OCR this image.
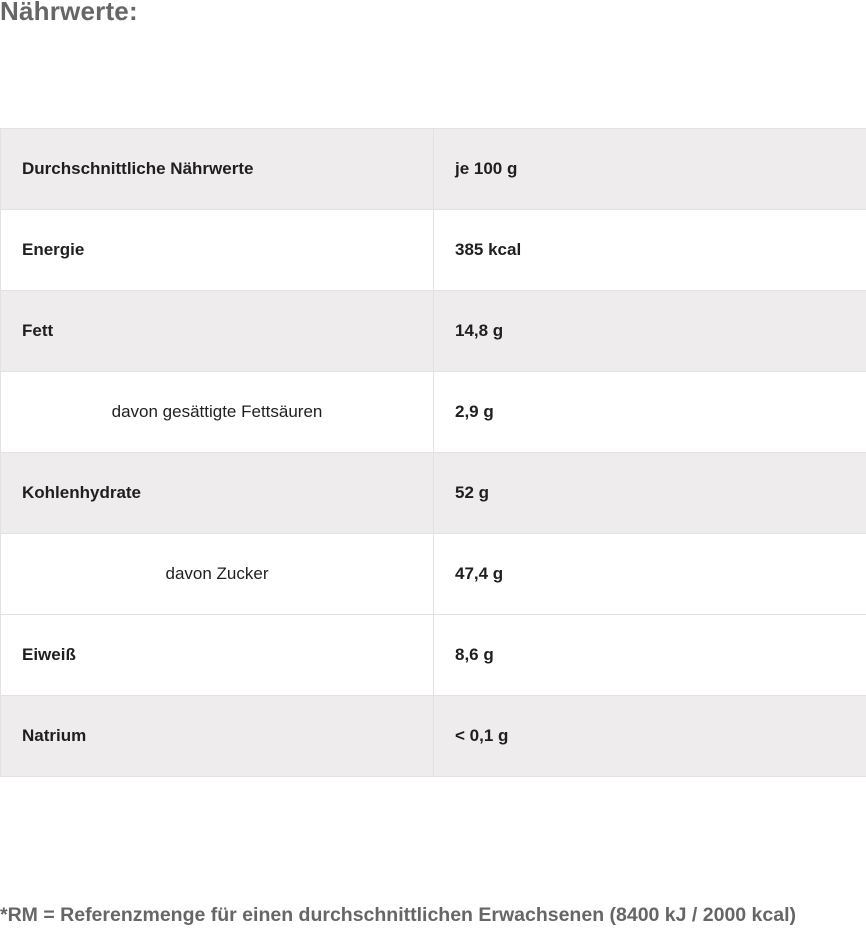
Nährwerte:
Durchschnittliche Nährwerte	je 100 g
Energie	385 kcal
Fett	14,8 g
davon gesättigte Fettsäuren	2,9 g
Kohlenhydrate	52 g
davon Zucker	47,4 g
Eiweiß	8,6 g
Natrium	< 0,1 g

*RM = Referenzmenge für einen durchschnittlichen Erwachsenen (8400 kJ / 2000 kcal)
